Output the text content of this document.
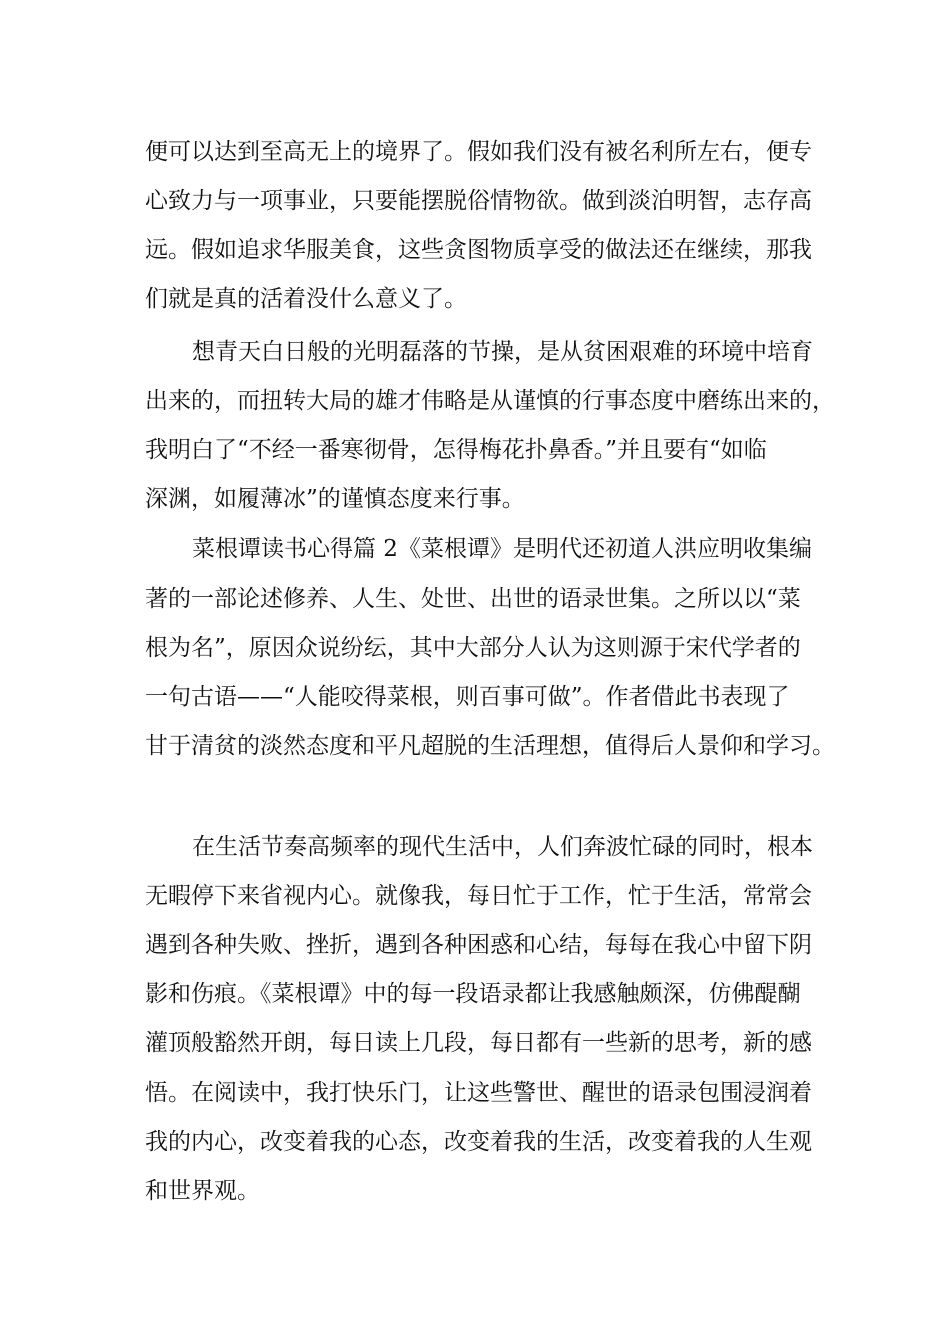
便可以达到至高无上的境界了。假如我们没有被名利所左右，便专

心致力与一项事业，只要能摆脱俗情物欲。做到淡泊明智，志存高

远。假如追求华服美食，这些贪图物质享受的做法还在继续，那我

们就是真的活着没什么意义了。

想青天白日般的光明磊落的节操，是从贫困艰难的环境中培育

出来的，而扭转大局的雄才伟略是从谨慎的行事态度中磨练出来的，

我明白了“不经一番寒彻骨，怎得梅花扑鼻香。”并且要有“如临

深渊，如履薄冰”的谨慎态度来行事。

菜根谭读书心得篇 2《菜根谭》是明代还初道人洪应明收集编

著的一部论述修养、人生、处世、出世的语录世集。之所以以“菜

根为名”，原因众说纷纭，其中大部分人认为这则源于宋代学者的

一句古语——“人能咬得菜根，则百事可做”。作者借此书表现了

甘于清贫的淡然态度和平凡超脱的生活理想，值得后人景仰和学习。

在生活节奏高频率的现代生活中，人们奔波忙碌的同时，根本

无暇停下来省视内心。就像我，每日忙于工作，忙于生活，常常会

遇到各种失败、挫折，遇到各种困惑和心结，每每在我心中留下阴

影和伤痕。《菜根谭》中的每一段语录都让我感触颇深，仿佛醍醐

灌顶般豁然开朗，每日读上几段，每日都有一些新的思考，新的感

悟。在阅读中，我打快乐门，让这些警世、醒世的语录包围浸润着

我的内心，改变着我的心态，改变着我的生活，改变着我的人生观

和世界观。
